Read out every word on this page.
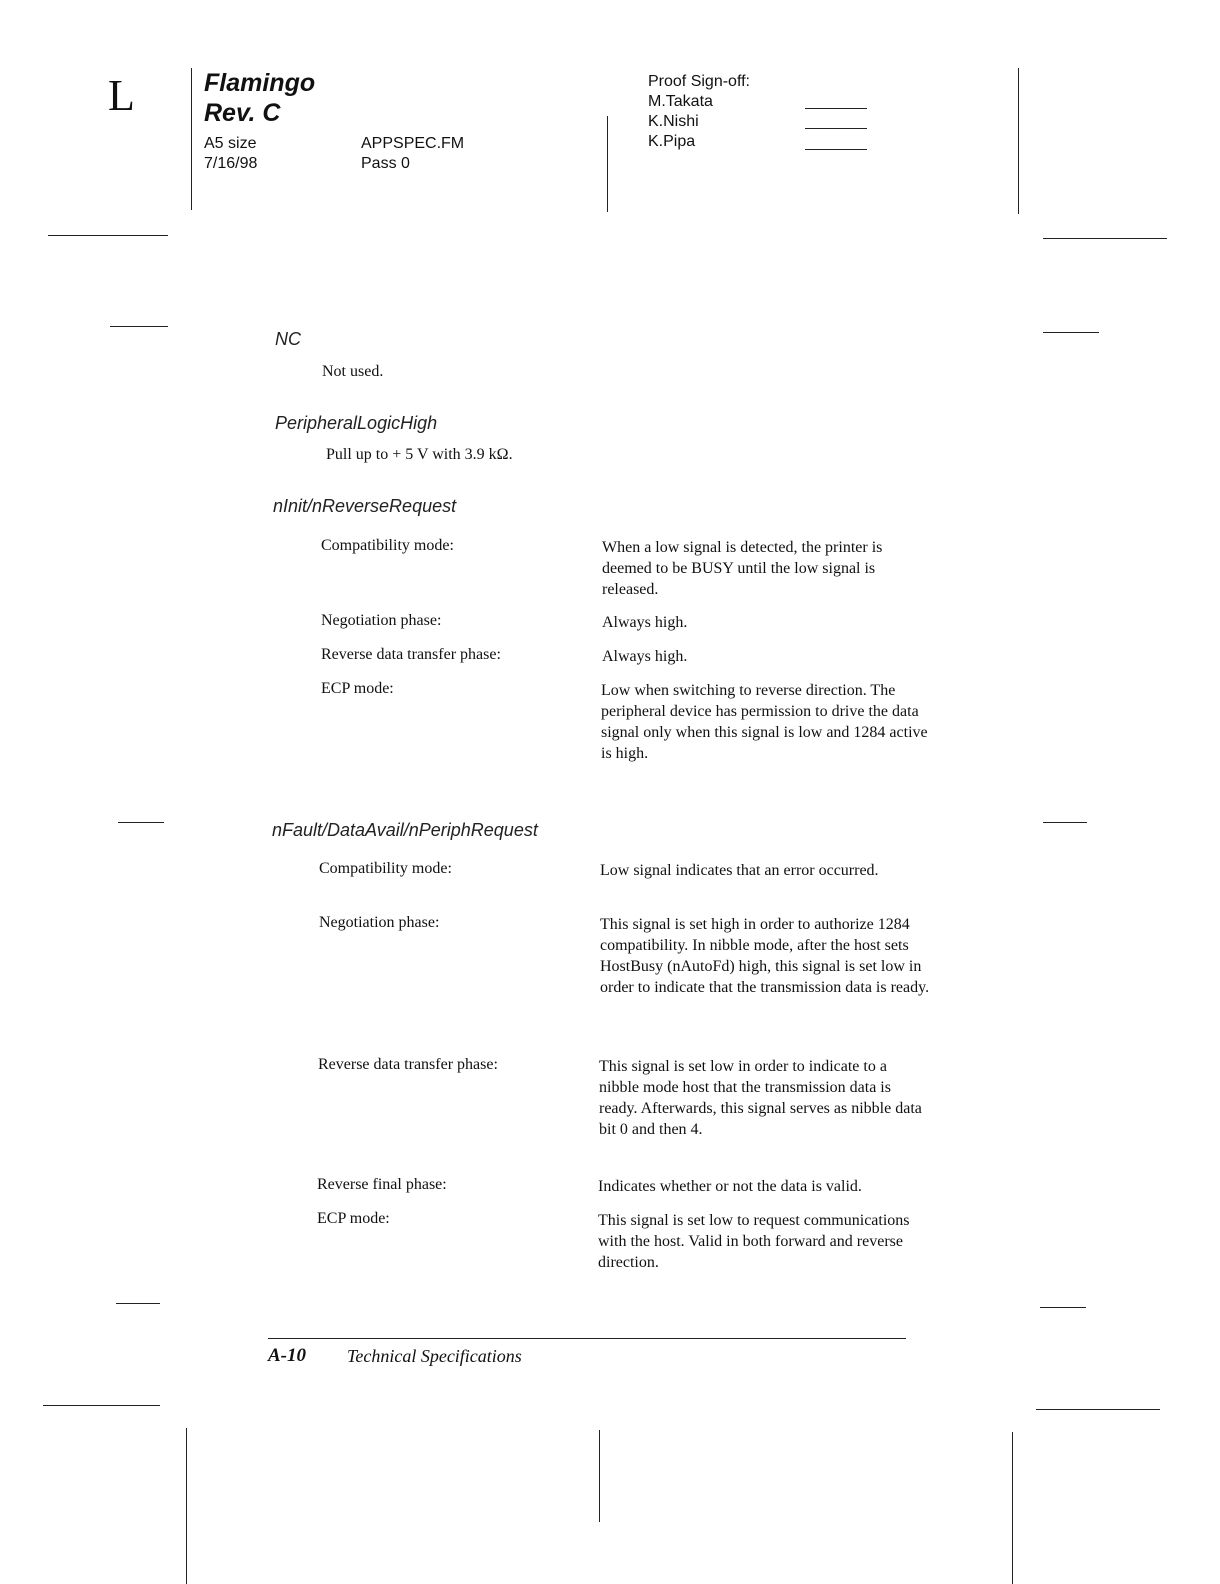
L	Flamingo
Rev. C
A5 size
7/16/98
APPSPEC.FM
Pass 0
Proof Sign-off:
M.Takata
K.Nishi
K.Pipa
NC
Not used.
PeripheralLogicHigh
Pull up to + 5 V with 3.9 kΩ.
nInit/nReverseRequest
Compatibility mode:	When a low signal is detected, the printer is deemed to be BUSY until the low signal is released.
Negotiation phase:	Always high.
Reverse data transfer phase:	Always high.
ECP mode:	Low when switching to reverse direction. The peripheral device has permission to drive the data signal only when this signal is low and 1284 active is high.
nFault/DataAvail/nPeriphRequest
Compatibility mode:	Low signal indicates that an error occurred.
Negotiation phase:	This signal is set high in order to authorize 1284 compatibility. In nibble mode, after the host sets HostBusy (nAutoFd) high, this signal is set low in order to indicate that the transmission data is ready.
Reverse data transfer phase:	This signal is set low in order to indicate to a nibble mode host that the transmission data is ready. Afterwards, this signal serves as nibble data bit 0 and then 4.
Reverse final phase:	Indicates whether or not the data is valid.
ECP mode:	This signal is set low to request communications with the host. Valid in both forward and reverse direction.
A-10 Technical Specifications
